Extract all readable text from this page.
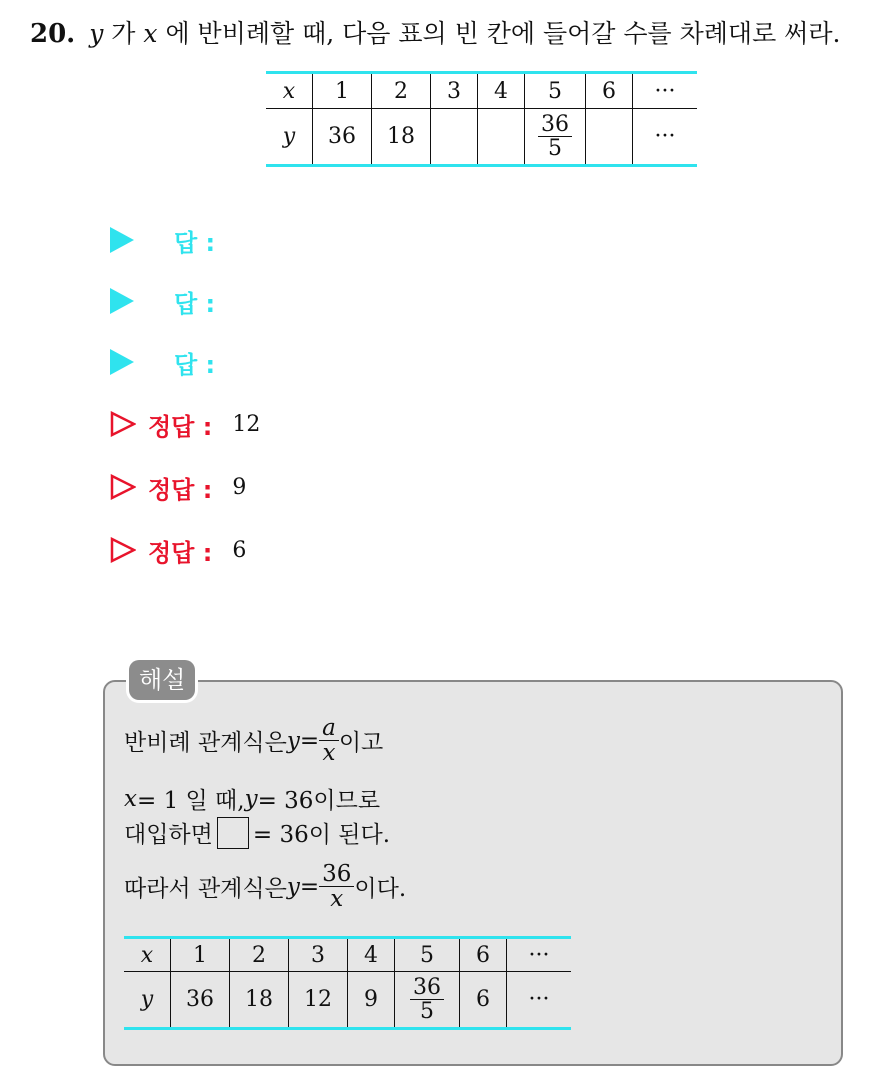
20. y 가 x 에 반비례할 때, 다음 표의 빈 칸에 들어갈 수를 차례대로 써라.
x	1	2	3	4	5	6	···
y	36	18			$\frac{36}{5}$		···
답 :
답 :
답 :
정답 : 12
정답 : 9
정답 : 6
해설
반비례 관계식은 $y = \frac{a}{x}$ 이고
x = 1 일 때, y = 36이므로
대입하면 = 36이 된다.
따라서 관계식은 $y = \frac{36}{x}$ 이다.
x	1	2	3	4	5	6	···
y	36	18	12	9	$\frac{36}{5}$	6	···
